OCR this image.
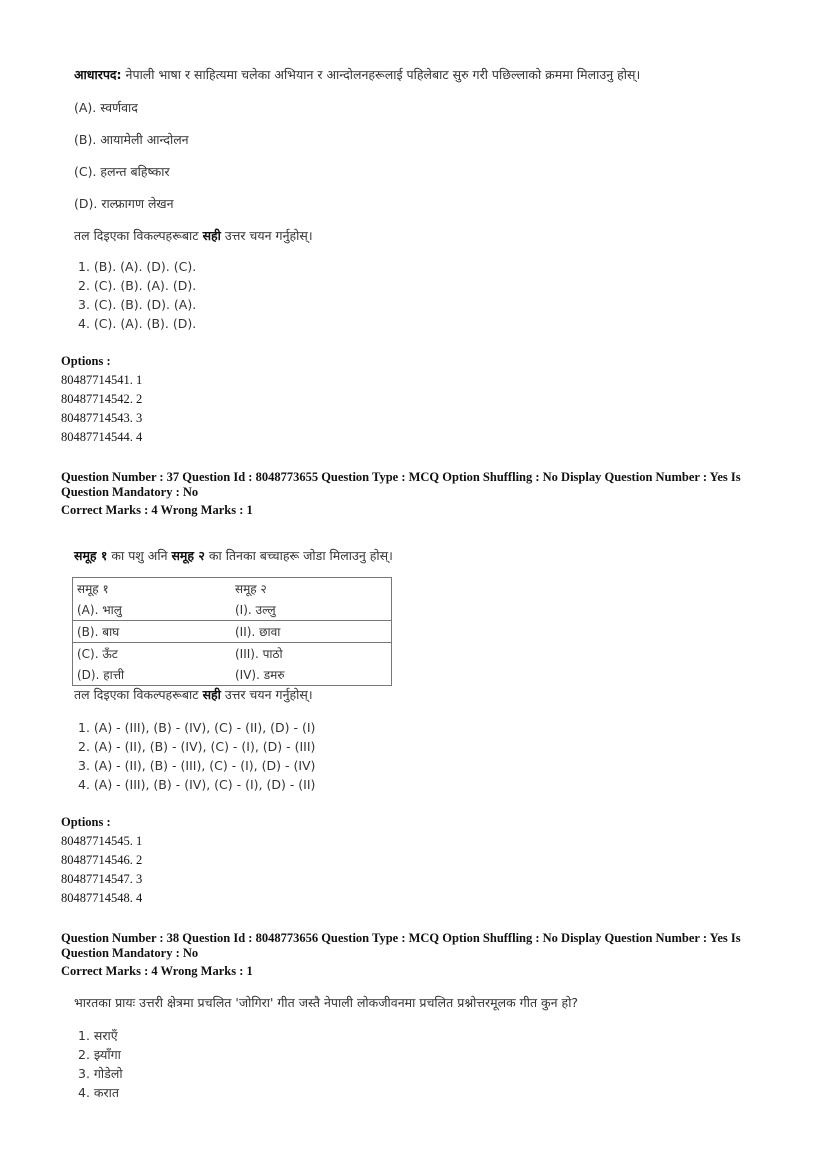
आधारपद: नेपाली भाषा र साहित्यमा चलेका अभियान र आन्दोलनहरूलाई पहिलेबाट सुरु गरी पछिल्लाको क्रममा मिलाउनु होस्।
(A). स्वर्णवाद
(B). आयामेली आन्दोलन
(C). हलन्त बहिष्कार
(D). राल्फ्रागण लेखन
तल दिइएका विकल्पहरूबाट सही उत्तर चयन गर्नुहोस्।
1. (B). (A). (D). (C).
2. (C). (B). (A). (D).
3. (C). (B). (D). (A).
4. (C). (A). (B). (D).
Options :
80487714541. 1
80487714542. 2
80487714543. 3
80487714544. 4
Question Number : 37 Question Id : 8048773655 Question Type : MCQ Option Shuffling : No Display Question Number : Yes Is
Question Mandatory : No
Correct Marks : 4 Wrong Marks : 1
समूह १ का पशु अनि समूह २ का तिनका बच्चाहरू जोडा मिलाउनु होस्।
समूह १	समूह २
(A). भालु	(I). उल्लु
(B). बाघ	(II). छावा
(C). ऊँट	(III). पाठो
(D). हात्ती	(IV). डमरु
तल दिइएका विकल्पहरूबाट सही उत्तर चयन गर्नुहोस्।
1. (A) - (III), (B) - (IV), (C) - (II), (D) - (I)
2. (A) - (II), (B) - (IV), (C) - (I), (D) - (III)
3. (A) - (II), (B) - (III), (C) - (I), (D) - (IV)
4. (A) - (III), (B) - (IV), (C) - (I), (D) - (II)
Options :
80487714545. 1
80487714546. 2
80487714547. 3
80487714548. 4
Question Number : 38 Question Id : 8048773656 Question Type : MCQ Option Shuffling : No Display Question Number : Yes Is
Question Mandatory : No
Correct Marks : 4 Wrong Marks : 1
भारतका प्रायः उत्तरी क्षेत्रमा प्रचलित 'जोगिरा' गीत जस्तै नेपाली लोकजीवनमा प्रचलित प्रश्नोत्तरमूलक गीत कुन हो?
1. सराएँ
2. झ्याँगा
3. गोडेलो
4. करात
